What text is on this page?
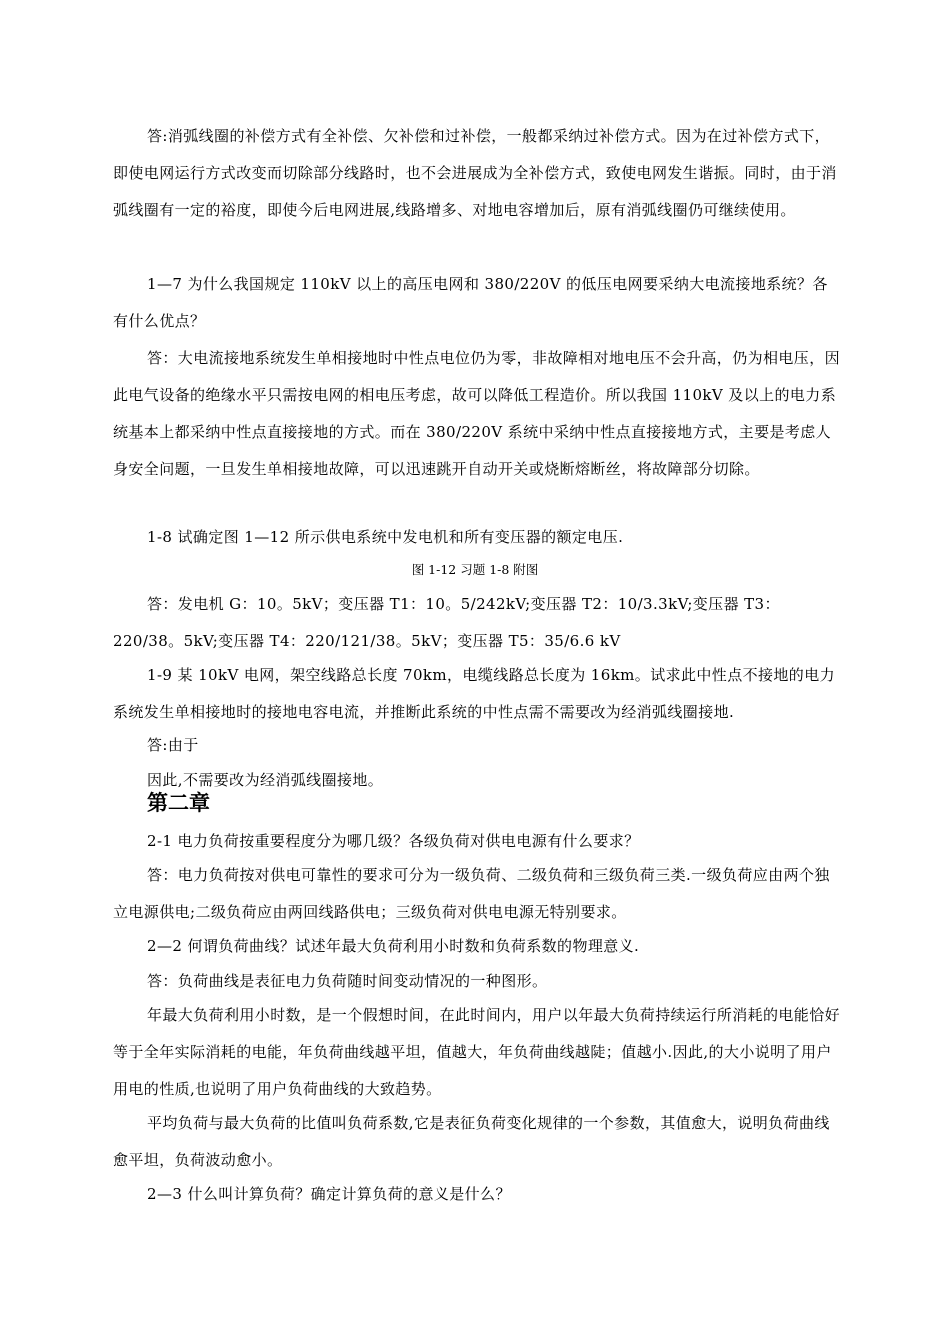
答:消弧线圈的补偿方式有全补偿、欠补偿和过补偿，一般都采纳过补偿方式。因为在过补偿方式下，即使电网运行方式改变而切除部分线路时，也不会进展成为全补偿方式，致使电网发生谐振。同时，由于消弧线圈有一定的裕度，即使今后电网进展,线路增多、对地电容增加后，原有消弧线圈仍可继续使用。

1—7 为什么我国规定 110kV 以上的高压电网和 380/220V 的低压电网要采纳大电流接地系统？各有什么优点？

答：大电流接地系统发生单相接地时中性点电位仍为零，非故障相对地电压不会升高，仍为相电压，因此电气设备的绝缘水平只需按电网的相电压考虑，故可以降低工程造价。所以我国 110kV 及以上的电力系统基本上都采纳中性点直接接地的方式。而在 380/220V 系统中采纳中性点直接接地方式，主要是考虑人身安全问题，一旦发生单相接地故障，可以迅速跳开自动开关或烧断熔断丝，将故障部分切除。

1-8 试确定图 1—12 所示供电系统中发电机和所有变压器的额定电压.

图 1-12 习题 1-8 附图

答：发电机 G：10。5kV；变压器 T1：10。5/242kV;变压器 T2：10/3.3kV;变压器 T3：220/38。5kV;变压器 T4：220/121/38。5kV；变压器 T5：35/6.6 kV

1-9 某 10kV 电网，架空线路总长度 70km，电缆线路总长度为 16km。试求此中性点不接地的电力系统发生单相接地时的接地电容电流，并推断此系统的中性点需不需要改为经消弧线圈接地.

答:由于

因此,不需要改为经消弧线圈接地。

第二章

2-1 电力负荷按重要程度分为哪几级？各级负荷对供电电源有什么要求？

答：电力负荷按对供电可靠性的要求可分为一级负荷、二级负荷和三级负荷三类.一级负荷应由两个独立电源供电;二级负荷应由两回线路供电；三级负荷对供电电源无特别要求。

2—2 何谓负荷曲线？试述年最大负荷利用小时数和负荷系数的物理意义.

答：负荷曲线是表征电力负荷随时间变动情况的一种图形。

年最大负荷利用小时数，是一个假想时间，在此时间内，用户以年最大负荷持续运行所消耗的电能恰好等于全年实际消耗的电能，年负荷曲线越平坦，值越大，年负荷曲线越陡；值越小.因此,的大小说明了用户用电的性质,也说明了用户负荷曲线的大致趋势。

平均负荷与最大负荷的比值叫负荷系数,它是表征负荷变化规律的一个参数，其值愈大，说明负荷曲线愈平坦，负荷波动愈小。

2—3 什么叫计算负荷？确定计算负荷的意义是什么？
